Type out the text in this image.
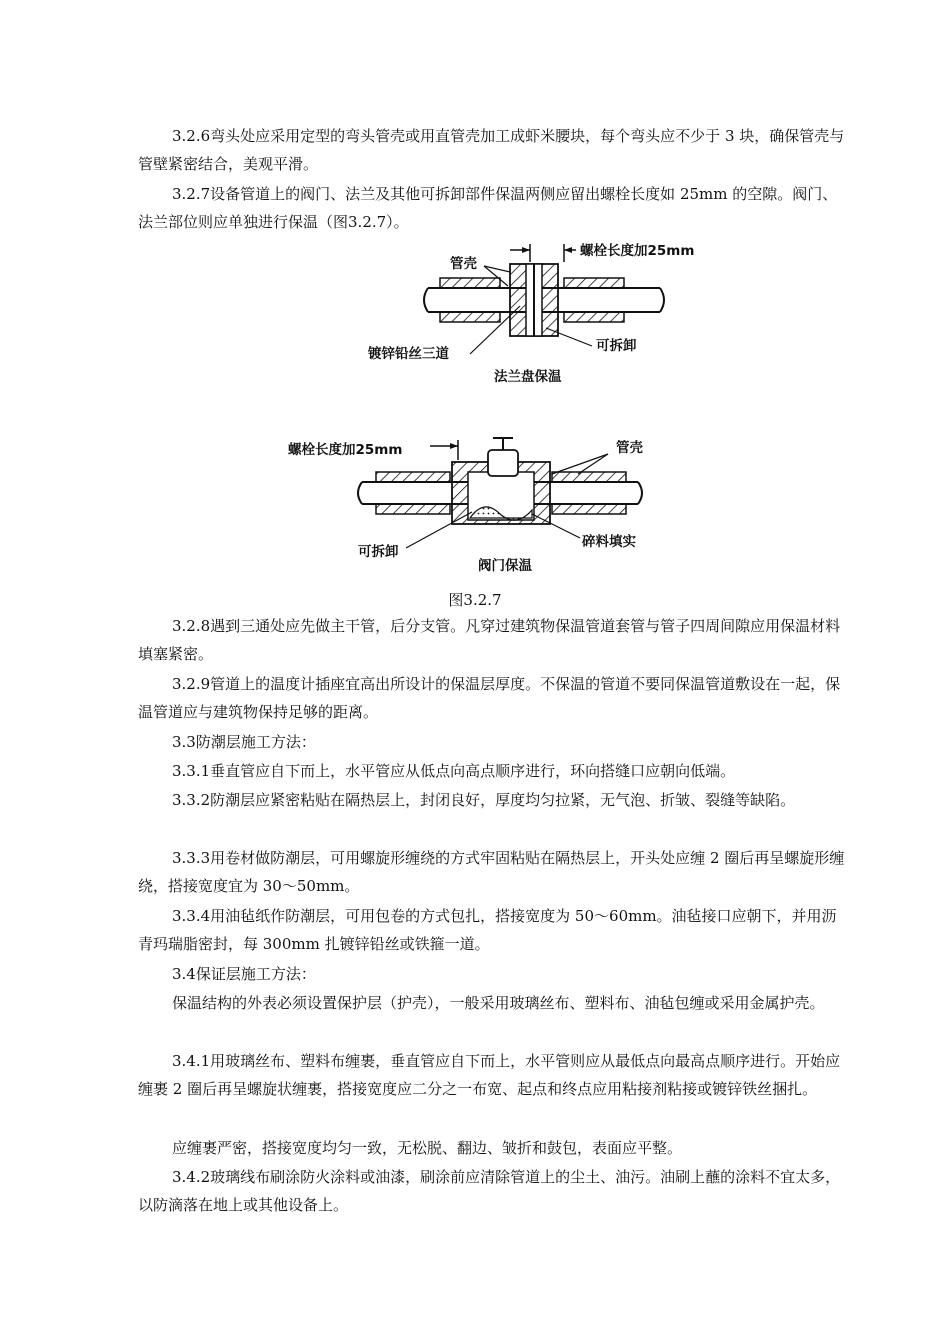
3.2.6弯头处应采用定型的弯头管壳或用直管壳加工成虾米腰块，每个弯头应不少于 3 块，确保管壳与管壁紧密结合，美观平滑。

3.2.7设备管道上的阀门、法兰及其他可拆卸部件保温两侧应留出螺栓长度如 25mm 的空隙。阀门、法兰部位则应单独进行保温（图3.2.7）。

管壳
螺栓长度加25mm
镀锌铅丝三道	可拆卸
法兰盘保温
螺栓长度加25mm	管壳
可拆卸
碎料填实
阀门保温
图3.2.7

3.2.8遇到三通处应先做主干管，后分支管。凡穿过建筑物保温管道套管与管子四周间隙应用保温材料填塞紧密。

3.2.9管道上的温度计插座宜高出所设计的保温层厚度。不保温的管道不要同保温管道敷设在一起，保温管道应与建筑物保持足够的距离。

3.3防潮层施工方法：

3.3.1垂直管应自下而上，水平管应从低点向高点顺序进行，环向搭缝口应朝向低端。

3.3.2防潮层应紧密粘贴在隔热层上，封闭良好，厚度均匀拉紧，无气泡、折皱、裂缝等缺陷。

3.3.3用卷材做防潮层，可用螺旋形缠绕的方式牢固粘贴在隔热层上，开头处应缠 2 圈后再呈螺旋形缠绕，搭接宽度宜为 30～50mm。

3.3.4用油毡纸作防潮层，可用包卷的方式包扎，搭接宽度为 50～60mm。油毡接口应朝下，并用沥青玛瑞脂密封，每 300mm 扎镀锌铅丝或铁箍一道。

3.4保证层施工方法：

保温结构的外表必须设置保护层（护壳），一般采用玻璃丝布、塑料布、油毡包缠或采用金属护壳。

3.4.1用玻璃丝布、塑料布缠裹，垂直管应自下而上，水平管则应从最低点向最高点顺序进行。开始应缠裹 2 圈后再呈螺旋状缠裹，搭接宽度应二分之一布宽、起点和终点应用粘接剂粘接或镀锌铁丝捆扎。

应缠裹严密，搭接宽度均匀一致，无松脱、翻边、皱折和鼓包，表面应平整。

3.4.2玻璃线布刷涂防火涂料或油漆，刷涂前应清除管道上的尘土、油污。油刷上蘸的涂料不宜太多，以防滴落在地上或其他设备上。
